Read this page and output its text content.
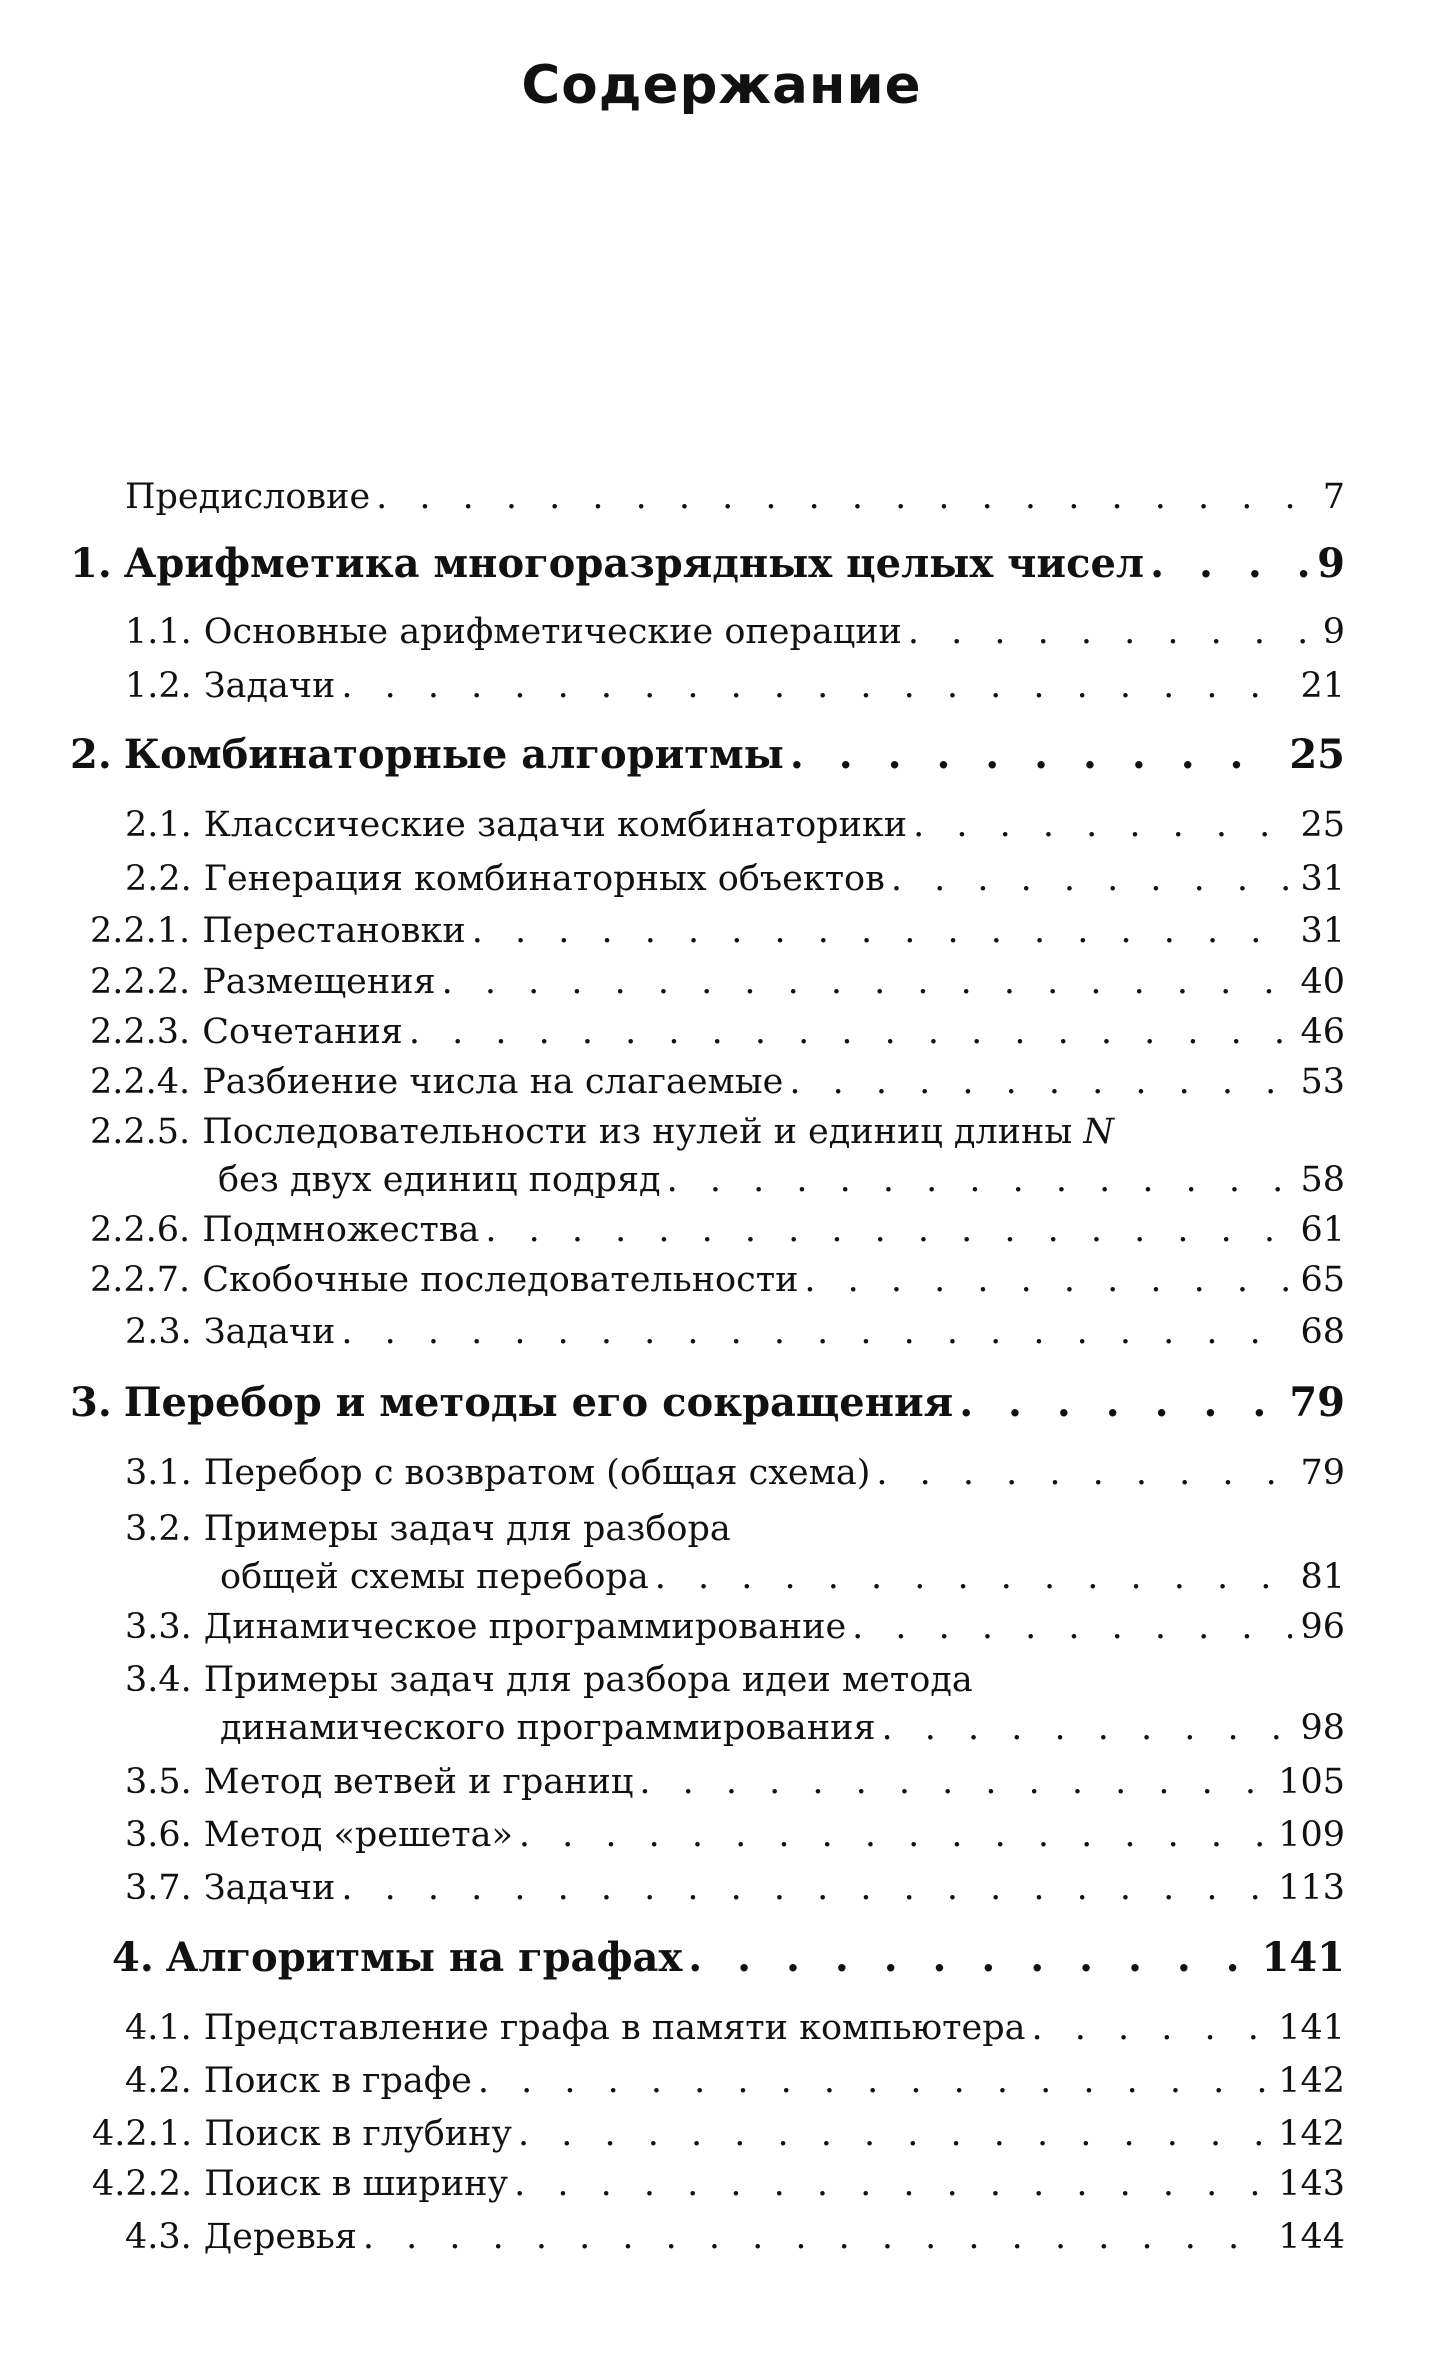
Содержание
Предисловие . . .	7
1. Арифметика многоразрядных целых чисел . . .	9
1.1. Основные арифметические операции . . .	9
1.2. Задачи . . .	21
2. Комбинаторные алгоритмы . . .	25
2.1. Классические задачи комбинаторики . . .	25
2.2. Генерация комбинаторных объектов . . .	31
2.2.1. Перестановки . . .	31
2.2.2. Размещения . . .	40
2.2.3. Сочетания . . .	46
2.2.4. Разбиение числа на слагаемые . . .	53
2.2.5. Последовательности из нулей и единиц длины N
без двух единиц подряд . . .	58
2.2.6. Подмножества . . .	61
2.2.7. Скобочные последовательности . . .	65
2.3. Задачи . . .	68
3. Перебор и методы его сокращения . . .	79
3.1. Перебор с возвратом (общая схема) . . .	79
3.2. Примеры задач для разбора
общей схемы перебора . . .	81
3.3. Динамическое программирование . . .	96
3.4. Примеры задач для разбора идеи метода
динамического программирования . . .	98
3.5. Метод ветвей и границ . . .	105
3.6. Метод «решета» . . .	109
3.7. Задачи . . .	113
4. Алгоритмы на графах . . .	141
4.1. Представление графа в памяти компьютера . . .	141
4.2. Поиск в графе . . .	142
4.2.1. Поиск в глубину . . .	142
4.2.2. Поиск в ширину . . .	143
4.3. Деревья . . .	144
